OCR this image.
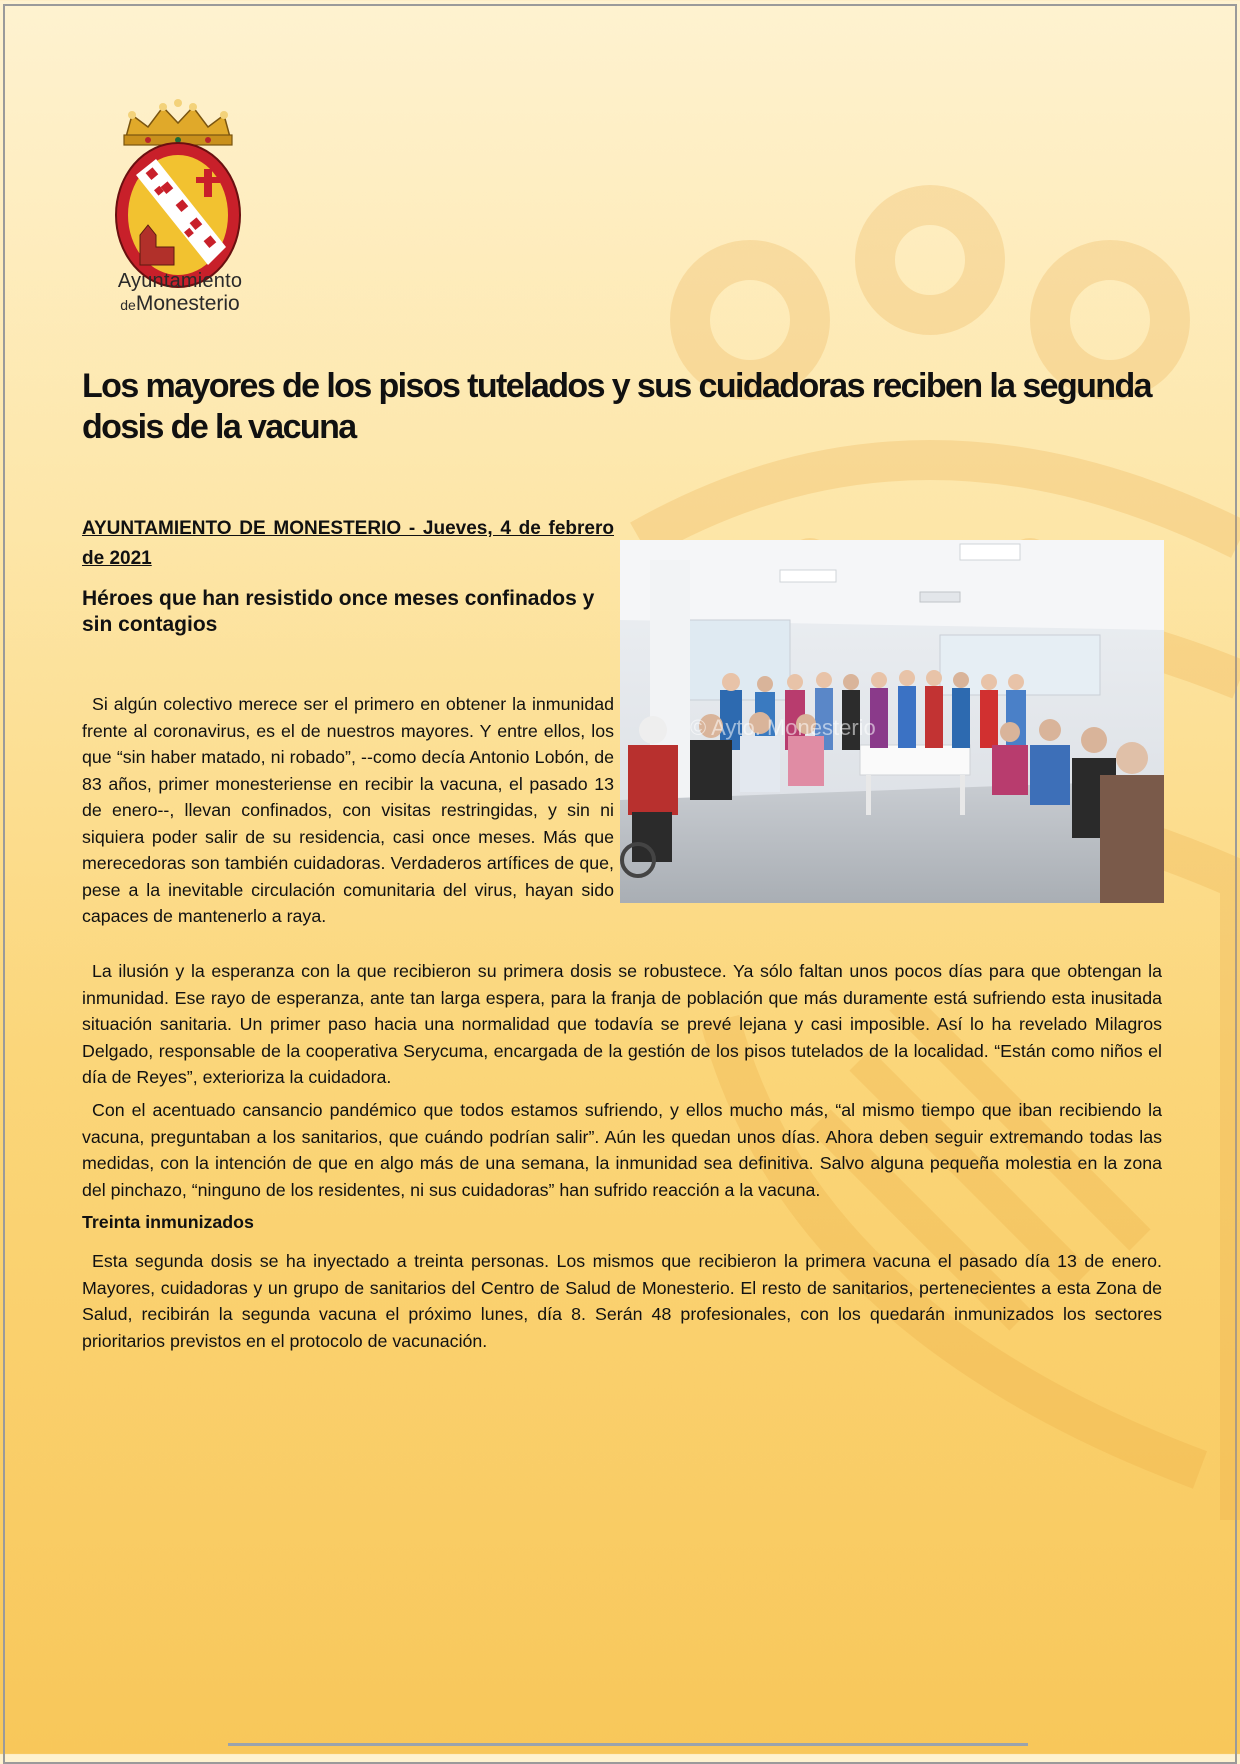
Ayuntamiento
deMonesterio
Los mayores de los pisos tutelados y sus cuidadoras reciben la segunda dosis de la vacuna

AYUNTAMIENTO DE MONESTERIO - Jueves, 4 de febrero de 2021

Héroes que han resistido once meses confinados y sin contagios
© Ayto. Monesterio

Si algún colectivo merece ser el primero en obtener la inmunidad frente al coronavirus, es el de nuestros mayores. Y entre ellos, los que “sin haber matado, ni robado”, --como decía Antonio Lobón, de 83 años, primer monesteriense en recibir la vacuna, el pasado 13 de enero--, llevan confinados, con visitas restringidas, y sin ni siquiera poder salir de su residencia, casi once meses. Más que merecedoras son también cuidadoras. Verdaderos artífices de que, pese a la inevitable circulación comunitaria del virus, hayan sido capaces de mantenerlo a raya.

La ilusión y la esperanza con la que recibieron su primera dosis se robustece. Ya sólo faltan unos pocos días para que obtengan la inmunidad. Ese rayo de esperanza, ante tan larga espera, para la franja de población que más duramente está sufriendo esta inusitada situación sanitaria. Un primer paso hacia una normalidad que todavía se prevé lejana y casi imposible. Así lo ha revelado Milagros Delgado, responsable de la cooperativa Serycuma, encargada de la gestión de los pisos tutelados de la localidad. “Están como niños el día de Reyes”, exterioriza la cuidadora.

Con el acentuado cansancio pandémico que todos estamos sufriendo, y ellos mucho más, “al mismo tiempo que iban recibiendo la vacuna, preguntaban a los sanitarios, que cuándo podrían salir”. Aún les quedan unos días. Ahora deben seguir extremando todas las medidas, con la intención de que en algo más de una semana, la inmunidad sea definitiva. Salvo alguna pequeña molestia en la zona del pinchazo, “ninguno de los residentes, ni sus cuidadoras” han sufrido reacción a la vacuna.

Treinta inmunizados

Esta segunda dosis se ha inyectado a treinta personas. Los mismos que recibieron la primera vacuna el pasado día 13 de enero. Mayores, cuidadoras y un grupo de sanitarios del Centro de Salud de Monesterio. El resto de sanitarios, pertenecientes a esta Zona de Salud, recibirán la segunda vacuna el próximo lunes, día 8. Serán 48 profesionales, con los quedarán inmunizados los sectores prioritarios previstos en el protocolo de vacunación.
